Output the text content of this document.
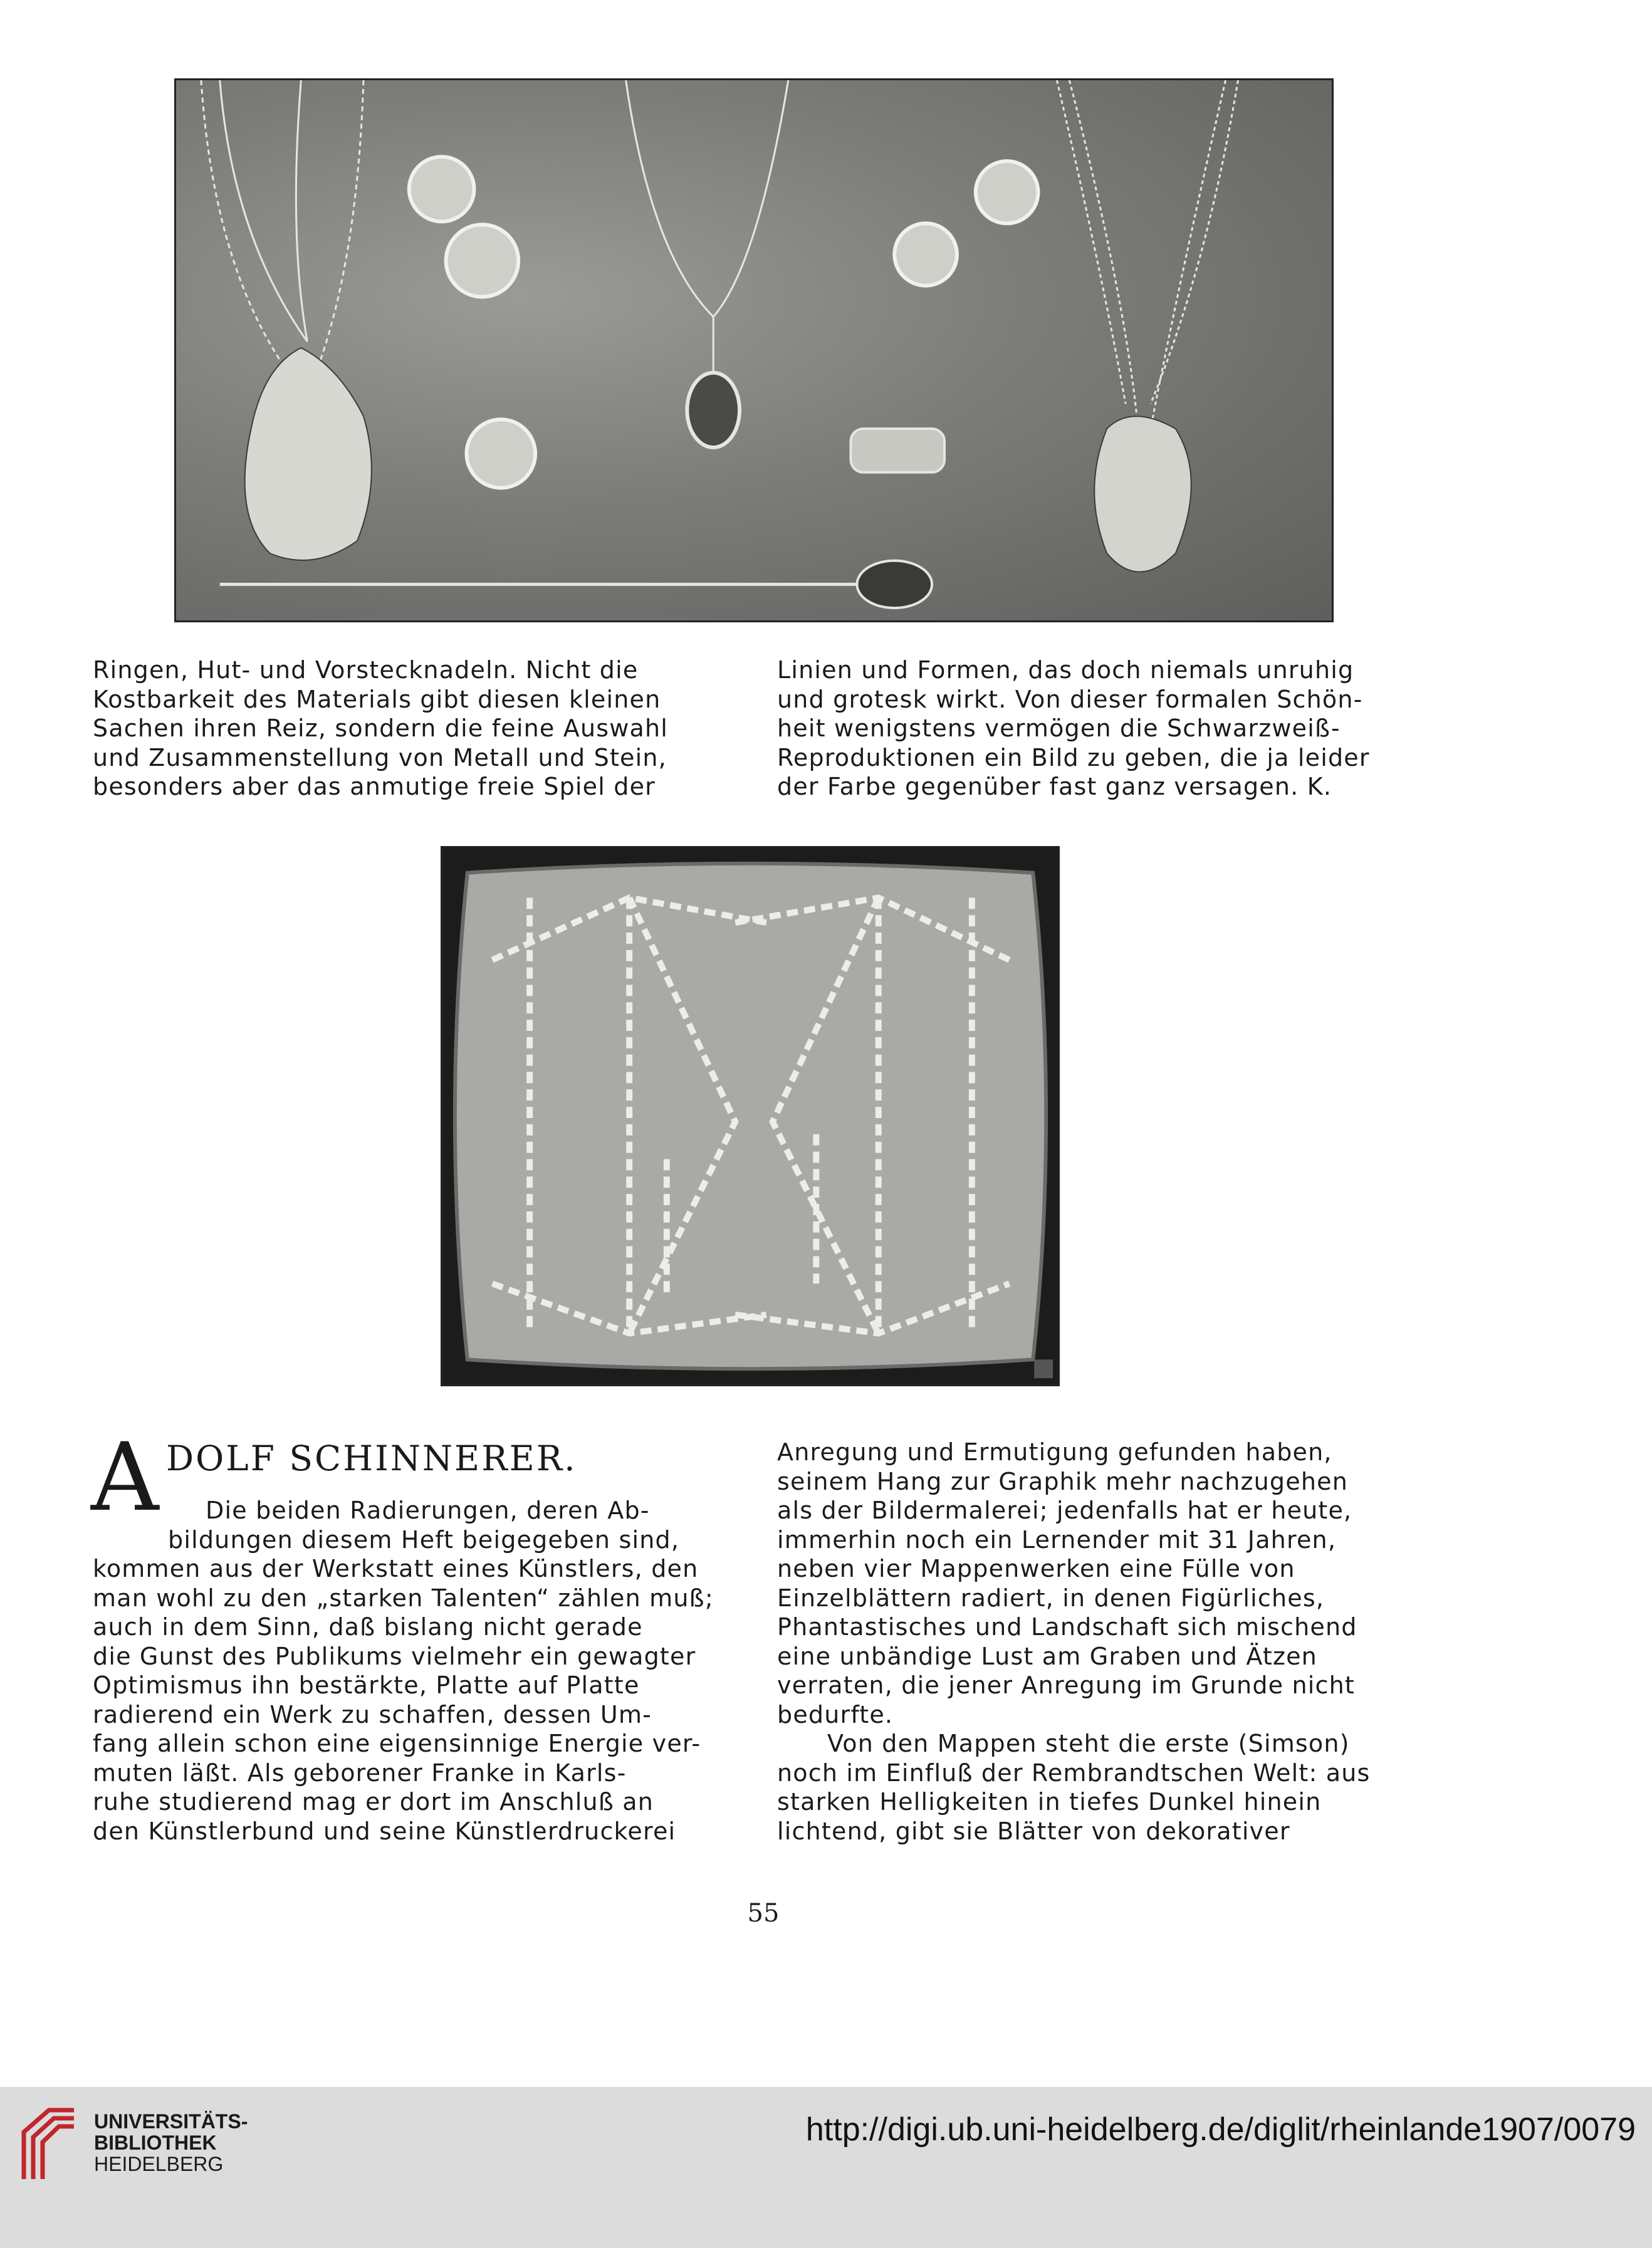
Ringen, Hut- und Vorstecknadeln. Nicht die

Kostbarkeit des Materials gibt diesen kleinen

Sachen ihren Reiz, sondern die feine Auswahl

und Zusammenstellung von Metall und Stein,

besonders aber das anmutige freie Spiel der

Linien und Formen, das doch niemals unruhig

und grotesk wirkt. Von dieser formalen Schön-

heit wenigstens vermögen die Schwarzweiß-

Reproduktionen ein Bild zu geben, die ja leider

der Farbe gegenüber fast ganz versagen. K.

A DOLF SCHINNERER.

Die beiden Radierungen, deren Ab-

bildungen diesem Heft beigegeben sind,

kommen aus der Werkstatt eines Künstlers, den

man wohl zu den „starken Talenten“ zählen muß;

auch in dem Sinn, daß bislang nicht gerade

die Gunst des Publikums vielmehr ein gewagter

Optimismus ihn bestärkte, Platte auf Platte

radierend ein Werk zu schaffen, dessen Um-

fang allein schon eine eigensinnige Energie ver-

muten läßt. Als geborener Franke in Karls-

ruhe studierend mag er dort im Anschluß an

den Künstlerbund und seine Künstlerdruckerei

Anregung und Ermutigung gefunden haben,

seinem Hang zur Graphik mehr nachzugehen

als der Bildermalerei; jedenfalls hat er heute,

immerhin noch ein Lernender mit 31 Jahren,

neben vier Mappenwerken eine Fülle von

Einzelblättern radiert, in denen Figürliches,

Phantastisches und Landschaft sich mischend

eine unbändige Lust am Graben und Ätzen

verraten, die jener Anregung im Grunde nicht

bedurfte.

Von den Mappen steht die erste (Simson)

noch im Einfluß der Rembrandtschen Welt: aus

starken Helligkeiten in tiefes Dunkel hinein

lichtend, gibt sie Blätter von dekorativer

55
UNIVERSITÄTS-
BIBLIOTHEK
HEIDELBERG
http://digi.ub.uni-heidelberg.de/diglit/rheinlande1907/0079
